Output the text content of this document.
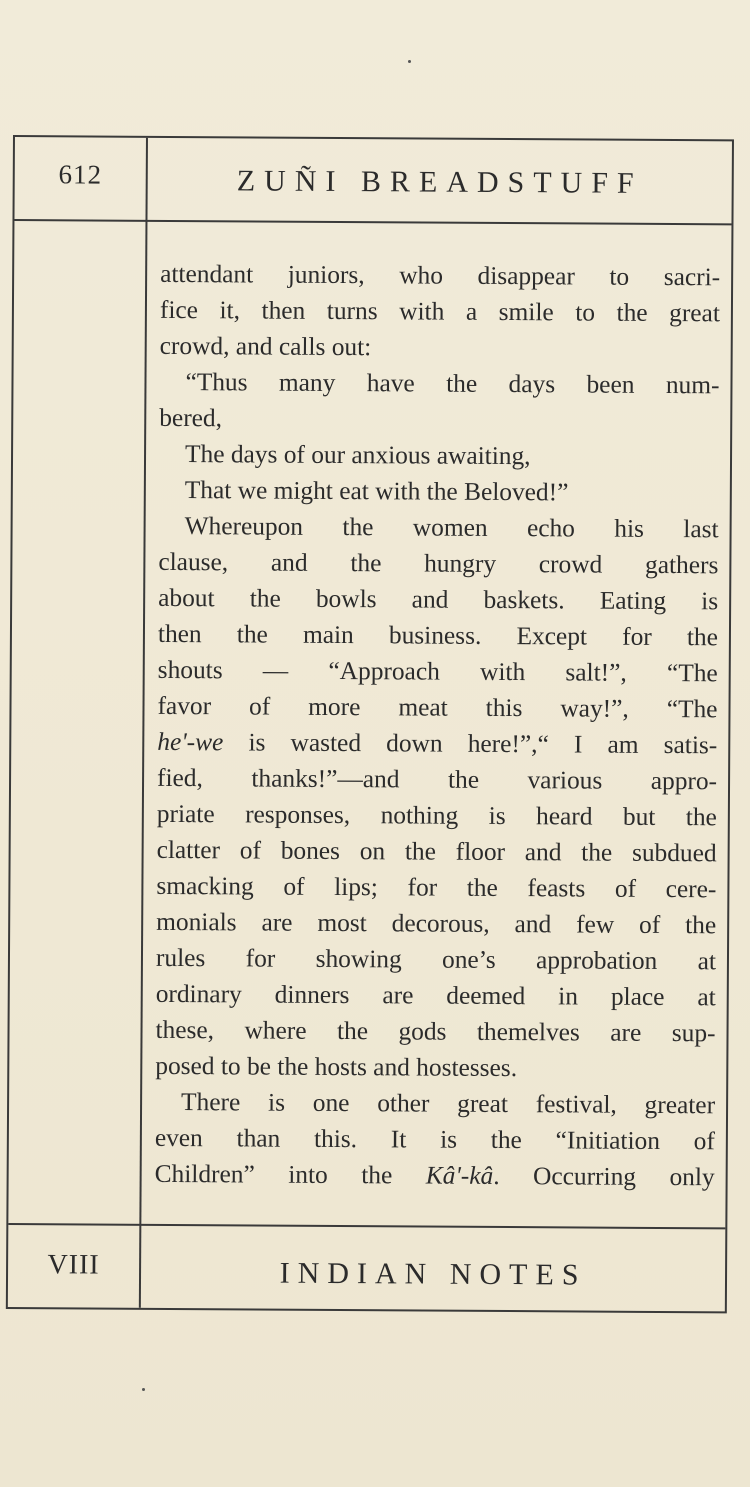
612	ZUÑI BREADSTUFF
attendant juniors, who disappear to sacri-
fice it, then turns with a smile to the great
crowd, and calls out:
“Thus many have the days been num-
bered,
The days of our anxious awaiting,
That we might eat with the Beloved!”
Whereupon the women echo his last
clause, and the hungry crowd gathers
about the bowls and baskets. Eating is
then the main business. Except for the
shouts — “Approach with salt!”, “The
favor of more meat this way!”, “The
he'-we is wasted down here!”,“ I am satis-
fied, thanks!”—and the various appro-
priate responses, nothing is heard but the
clatter of bones on the floor and the subdued
smacking of lips; for the feasts of cere-
monials are most decorous, and few of the
rules for showing one’s approbation at
ordinary dinners are deemed in place at
these, where the gods themelves are sup-
posed to be the hosts and hostesses.
There is one other great festival, greater
even than this. It is the “Initiation of
Children” into the Kâ'-kâ. Occurring only
VIII	INDIAN NOTES
